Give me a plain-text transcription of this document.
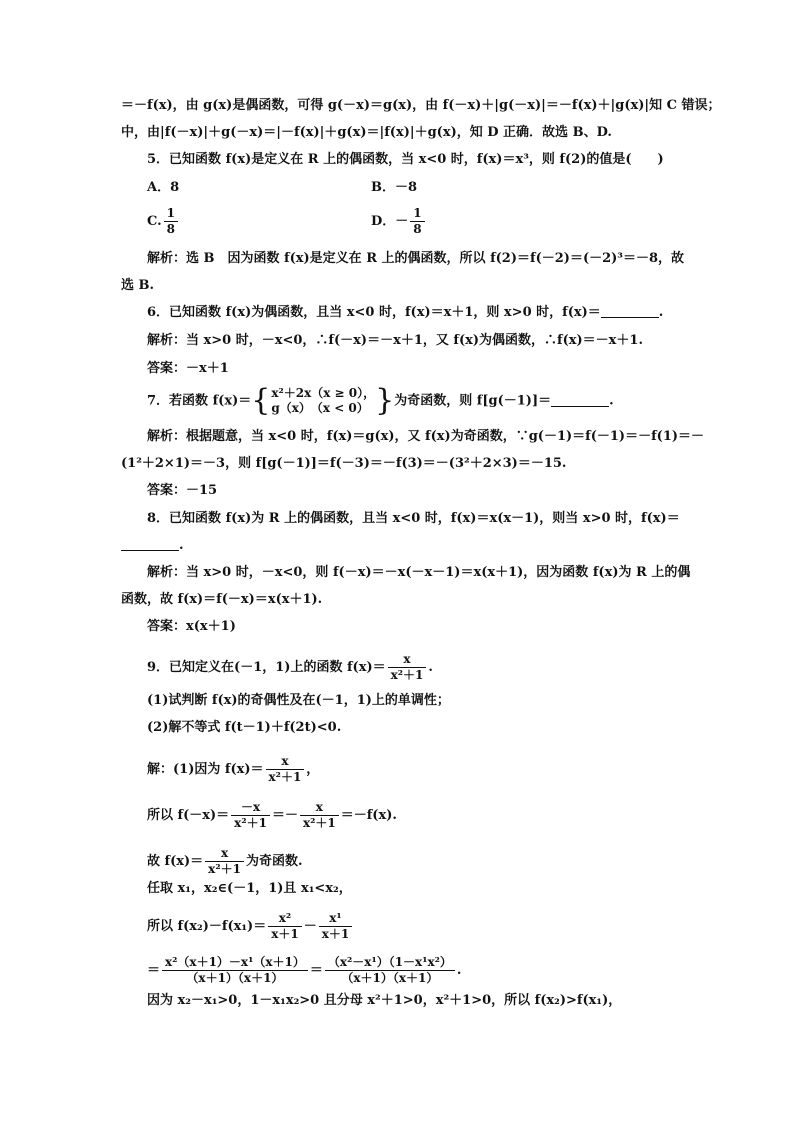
＝－f(x)，由 g(x)是偶函数，可得 g(－x)＝g(x)，由 f(－x)＋|g(－x)|＝－f(x)＋|g(x)|知 C 错误；
中，由|f(－x)|＋g(－x)＝|－f(x)|＋g(x)＝|f(x)|＋g(x)，知 D 正确．故选 B、D.
5．已知函数 f(x)是定义在 R 上的偶函数，当 x<0 时，f(x)＝x³，则 f(2)的值是(　　)
A．8	B．－8
C. $\frac{1}{8}$	D．－ $\frac{1}{8}$
解析：选 B　因为函数 f(x)是定义在 R 上的偶函数，所以 f(2)＝f(－2)＝(－2)³＝－8，故
选 B.
6．已知函数 f(x)为偶函数，且当 x<0 时，f(x)＝x＋1，则 x>0 时，f(x)＝	.
解析：当 x>0 时，－x<0，∴f(－x)＝－x＋1，又 f(x)为偶函数，∴f(x)＝－x＋1.
答案：－x＋1
7．若函数 f(x)＝{ x²＋2x（x ≥ 0），
g（x）　（x < 0） }为奇函数，则 f[g(－1)]＝	.
解析：根据题意，当 x<0 时，f(x)＝g(x)，又 f(x)为奇函数，∵g(－1)＝f(－1)＝－f(1)＝－
(1²＋2×1)＝－3，则 f[g(－1)]＝f(－3)＝－f(3)＝－(3²＋2×3)＝－15.
答案：－15
8．已知函数 f(x)为 R 上的偶函数，且当 x<0 时，f(x)＝x(x－1)，则当 x>0 时，f(x)＝
.
解析：当 x>0 时，－x<0，则 f(－x)＝－x(－x－1)＝x(x＋1)，因为函数 f(x)为 R 上的偶
函数，故 f(x)＝f(－x)＝x(x＋1).
答案：x(x＋1)
9．已知定义在(－1，1)上的函数 $f(x)= \frac{x}{\text{x²＋1}}$ .
(1)试判断 f(x)的奇偶性及在(－1，1)上的单调性；
(2)解不等式 f(t－1)＋f(2t)<0.
解：(1)因为 $f(x)= \frac{x}{\text{x²＋1}}$ ，
所以 $f(-x)= \frac{-x}{\text{x²＋1}} =- \frac{x}{\text{x²＋1}} =-f(x)$.
故 $f(x)= \frac{x}{\text{x²＋1}}$ 为奇函数.
任取 x₁，x₂∈(－1，1)且 x₁<x₂，
所以 $f(x_2)-f(x_1)= \frac{\text{x²}}{x+1} - \frac{\text{x¹}}{x+1}$
＝ $\frac{\text{x²（x＋1）－x¹（x＋1）}}{(x+1)(x+1)} = \frac{\text{（x²－x¹）（1－x¹x²）}}{(x+1)(x+1)}$ .
因为 x₂－x₁>0，1－x₁x₂>0 且分母 x²＋1>0，x²＋1>0，所以 f(x₂)>f(x₁)，
